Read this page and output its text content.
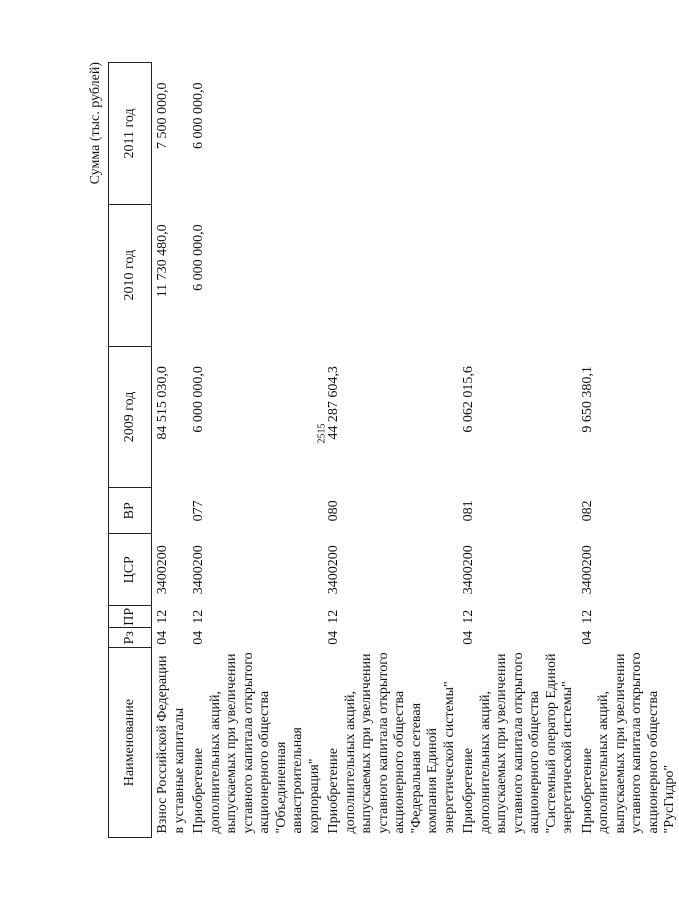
2515
Сумма (тыс. рублей)
Наименование	Рз	ПР	ЦСР	ВР	2009 год	2010 год	2011 год
Взнос Российской Федерации в уставные капиталы	04	12	3400200		84 515 030,0	11 730 480,0	7 500 000,0
Приобретение дополнительных акций, выпускаемых при увеличении уставного капитала открытого акционерного общества "Объединенная авиастроительная корпорация"	04	12	3400200	077	6 000 000,0	6 000 000,0	6 000 000,0
Приобретение дополнительных акций, выпускаемых при увеличении уставного капитала открытого акционерного общества "Федеральная сетевая компания Единой энергетической системы"	04	12	3400200	080	44 287 604,3		
Приобретение дополнительных акций, выпускаемых при увеличении уставного капитала открытого акционерного общества "Системный оператор Единой энергетической системы"	04	12	3400200	081	6 062 015,6		
Приобретение дополнительных акций, выпускаемых при увеличении уставного капитала открытого акционерного общества "РусГидро"	04	12	3400200	082	9 650 380,1		
